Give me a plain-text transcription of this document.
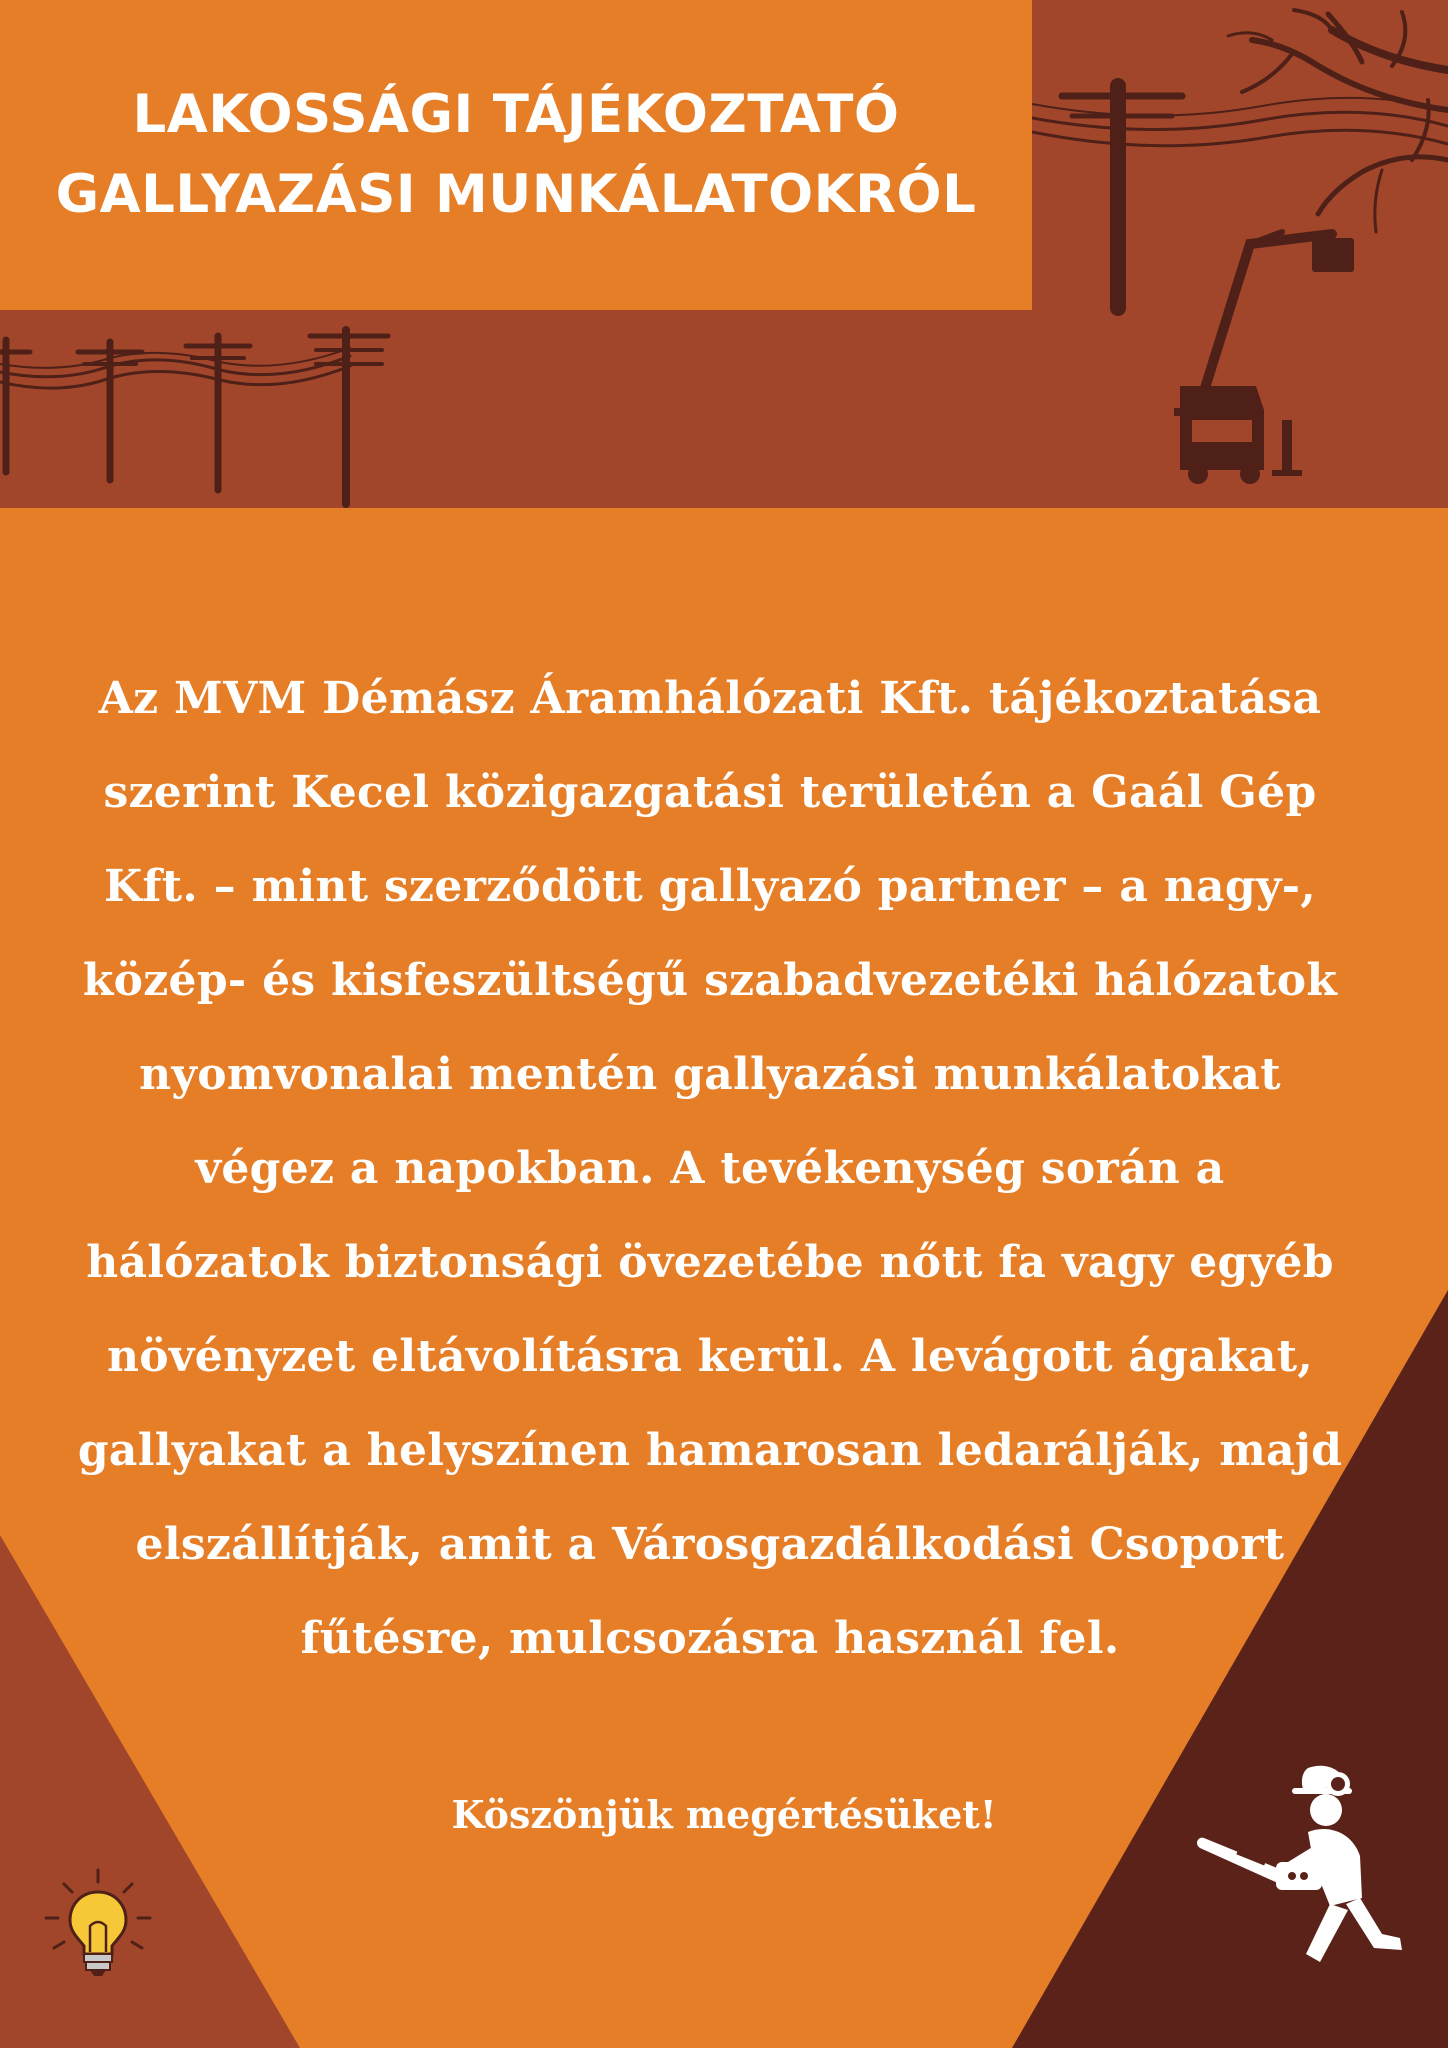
LAKOSSÁGI TÁJÉKOZTATÓ
GALLYAZÁSI MUNKÁLATOKRÓL
Az MVM Démász Áramhálózati Kft. tájékoztatása
szerint Kecel közigazgatási területén a Gaál Gép
Kft. – mint szerződött gallyazó partner – a nagy-,
közép- és kisfeszültségű szabadvezetéki hálózatok
nyomvonalai mentén gallyazási munkálatokat
végez a napokban. A tevékenység során a
hálózatok biztonsági övezetébe nőtt fa vagy egyéb
növényzet eltávolításra kerül. A levágott ágakat,
gallyakat a helyszínen hamarosan ledarálják, majd
elszállítják, amit a Városgazdálkodási Csoport
fűtésre, mulcsozásra használ fel.
Köszönjük megértésüket!
